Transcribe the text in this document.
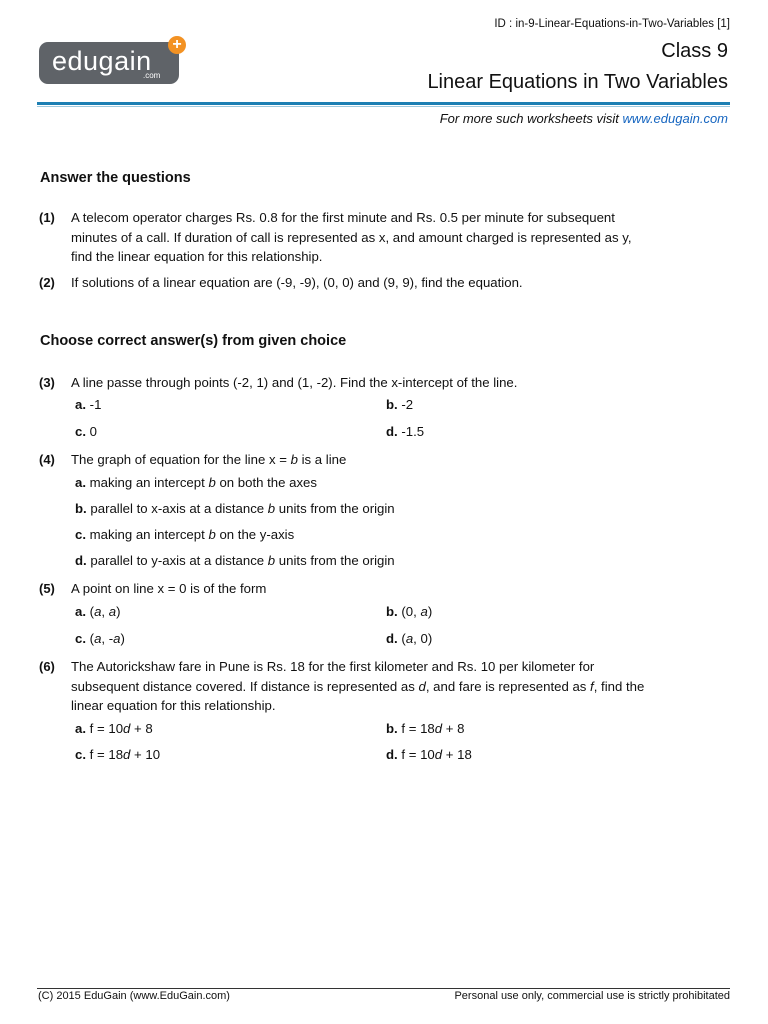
ID : in-9-Linear-Equations-in-Two-Variables [1]
edugain
.com
+	Class 9
Linear Equations in Two Variables
For more such worksheets visit www.edugain.com
Answer the questions
(1) A telecom operator charges Rs. 0.8 for the first minute and Rs. 0.5 per minute for subsequent
minutes of a call. If duration of call is represented as x, and amount charged is represented as y,
find the linear equation for this relationship.
(2) If solutions of a linear equation are (-9, -9), (0, 0) and (9, 9), find the equation.
Choose correct answer(s) from given choice
(3) A line passe through points (-2, 1) and (1, -2). Find the x-intercept of the line.
a. -1	b. -2
c. 0	d. -1.5
(4) The graph of equation for the line x = b is a line
a. making an intercept b on both the axes
b. parallel to x-axis at a distance b units from the origin
c. making an intercept b on the y-axis
d. parallel to y-axis at a distance b units from the origin
(5) A point on line x = 0 is of the form
a. (a, a)	b. (0, a)
c. (a, -a)	d. (a, 0)
(6) The Autorickshaw fare in Pune is Rs. 18 for the first kilometer and Rs. 10 per kilometer for
subsequent distance covered. If distance is represented as d, and fare is represented as f, find the
linear equation for this relationship.
a. f = 10d + 8	b. f = 18d + 8
c. f = 18d + 10	d. f = 10d + 18
(C) 2015 EduGain (www.EduGain.com)	Personal use only, commercial use is strictly prohibitated
